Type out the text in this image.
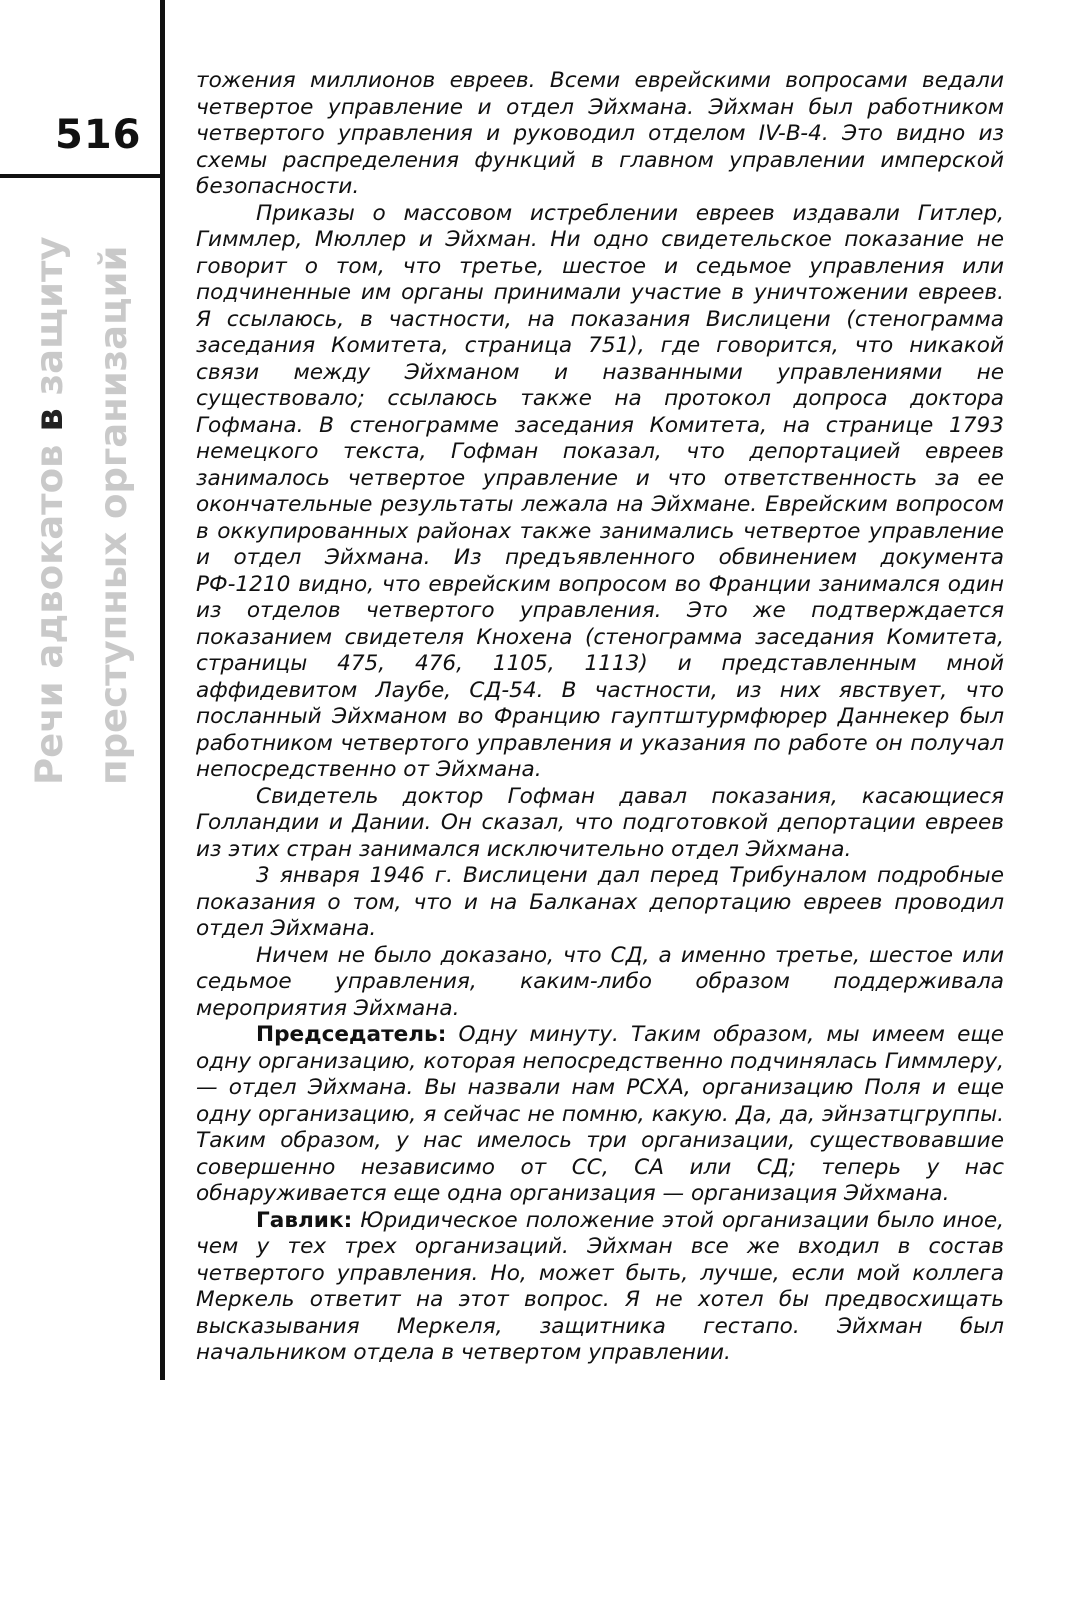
516
Речи адвокатов в защиту преступных организаций

тожения миллионов евреев. Всеми еврейскими вопросами ведали четвертое управление и отдел Эйхмана. Эйхман был работником четвертого управления и руководил отделом IV-B-4. Это видно из схемы распределения функций в главном управлении имперской безопасности.

Приказы о массовом истреблении евреев издавали Гитлер, Гиммлер, Мюллер и Эйхман. Ни одно свидетельское показание не говорит о том, что третье, шестое и седьмое управления или подчиненные им органы принимали участие в уничтожении евреев. Я ссылаюсь, в частности, на показания Вислицени (стенограмма заседания Комитета, страница 751), где говорится, что никакой связи между Эйхманом и названными управлениями не существовало; ссылаюсь также на протокол допроса доктора Гофмана. В стенограмме заседания Комитета, на странице 1793 немецкого текста, Гофман показал, что депортацией евреев занималось четвертое управление и что ответственность за ее окончательные результаты лежала на Эйхмане. Еврейским вопросом в оккупированных районах также занимались четвертое управление и отдел Эйхмана. Из предъявленного обвинением документа РФ-1210 видно, что еврейским вопросом во Франции занимался один из отделов четвертого управления. Это же подтверждается показанием свидетеля Кнохена (стенограмма заседания Комитета, страницы 475, 476, 1105, 1113) и представленным мной аффидевитом Лаубе, СД-54. В частности, из них явствует, что посланный Эйхманом во Францию гауптштурмфюрер Даннекер был работником четвертого управления и указания по работе он получал непосредственно от Эйхмана.

Свидетель доктор Гофман давал показания, касающиеся Голландии и Дании. Он сказал, что подготовкой депортации евреев из этих стран занимался исключительно отдел Эйхмана.

3 января 1946 г. Вислицени дал перед Трибуналом подробные показания о том, что и на Балканах депортацию евреев проводил отдел Эйхмана.

Ничем не было доказано, что СД, а именно третье, шестое или седьмое управления, каким-либо образом поддерживала мероприятия Эйхмана.

Председатель: Одну минуту. Таким образом, мы имеем еще одну организацию, которая непосредственно подчинялась Гиммлеру, — отдел Эйхмана. Вы назвали нам РСХА, организацию Поля и еще одну организацию, я сейчас не помню, какую. Да, да, эйнзатцгруппы. Таким образом, у нас имелось три организации, существовавшие совершенно независимо от СС, СА или СД; теперь у нас обнаруживается еще одна организация — организация Эйхмана.

Гавлик: Юридическое положение этой организации было иное, чем у тех трех организаций. Эйхман все же входил в состав четвертого управления. Но, может быть, лучше, если мой коллега Меркель ответит на этот вопрос. Я не хотел бы предвосхищать высказывания Меркеля, защитника гестапо. Эйхман был начальником отдела в четвертом управлении.
